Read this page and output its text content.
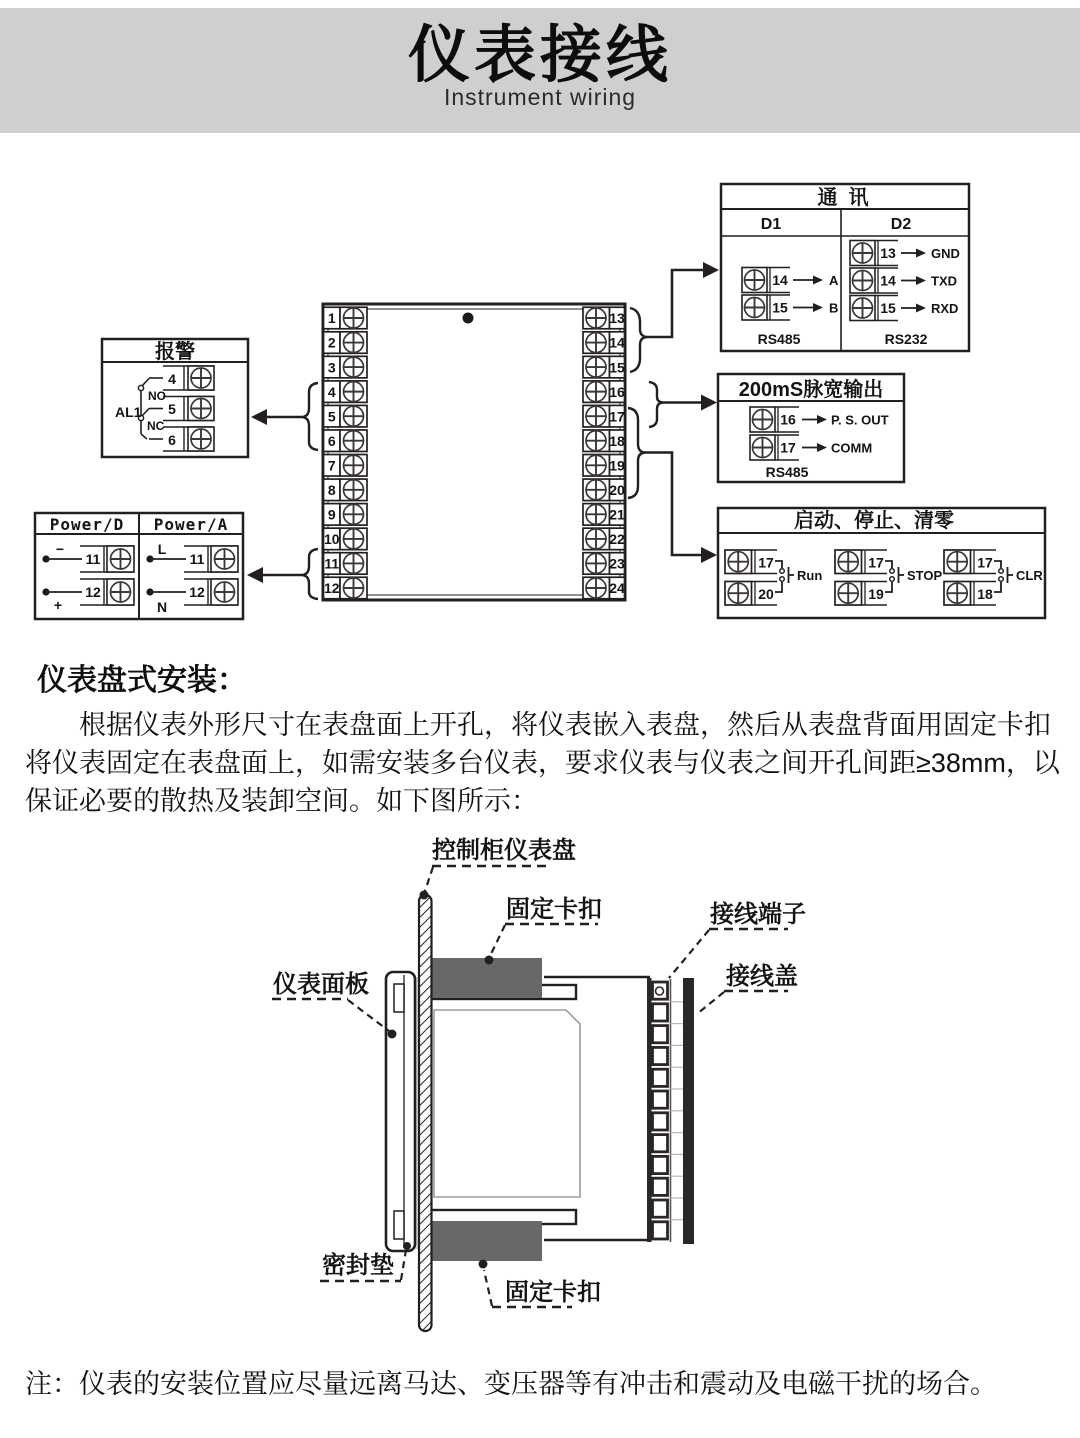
仪表接线
Instrument wiring
1
2
3
4
5
6
7
8
9
10
11
12
13
14
15
16
17
18
19
20
21
22
23
24
报警
4
5
6
NO
NC
AL1
Power/D Power/A
−
11
+
12
L
11
N
12
通  讯
D1	D2
14	A
15	B
RS485
13	GND
14	TXD
15	RXD
RS232
200mS脉宽输出
16	P. S. OUT
17	COMM
RS485
启动、停止、清零
17
20
Run
17
19
STOP
17
18
CLR
仪表盘式安装：

根据仪表外形尺寸在表盘面上开孔，将仪表嵌入表盘，然后从表盘背面用固定卡扣将仪表固定在表盘面上，如需安装多台仪表，要求仪表与仪表之间开孔间距≥38mm，以保证必要的散热及装卸空间。如下图所示：

控制柜仪表盘
固定卡扣	接线端子
接线盖
仪表面板
密封垫
固定卡扣

注：仪表的安装位置应尽量远离马达、变压器等有冲击和震动及电磁干扰的场合。
